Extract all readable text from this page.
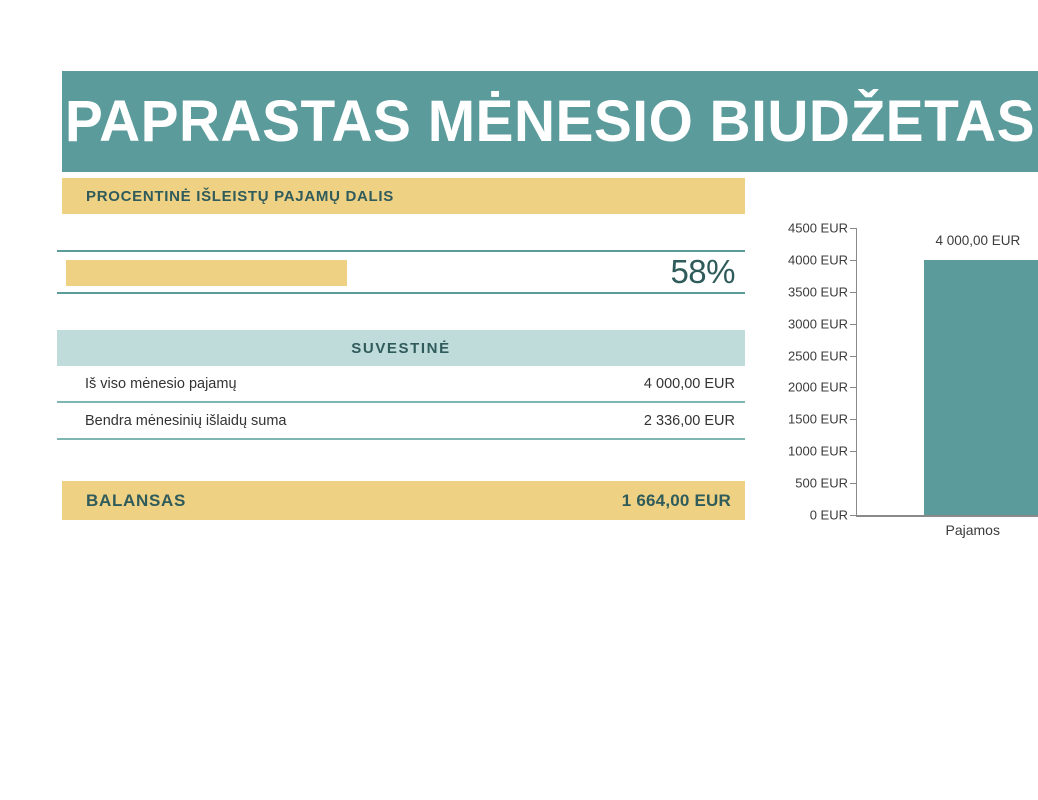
PAPRASTAS MĖNESIO BIUDŽETAS
PROCENTINĖ IŠLEISTŲ PAJAMŲ DALIS
58%
SUVESTINĖ
Iš viso mėnesio pajamų	4 000,00 EUR
Bendra mėnesinių išlaidų suma	2 336,00 EUR
BALANSAS	1 664,00 EUR
4500 EUR
4000 EUR
3500 EUR
3000 EUR
2500 EUR
2000 EUR
1500 EUR
1000 EUR
500 EUR
0 EUR
4 000,00 EUR
Pajamos
